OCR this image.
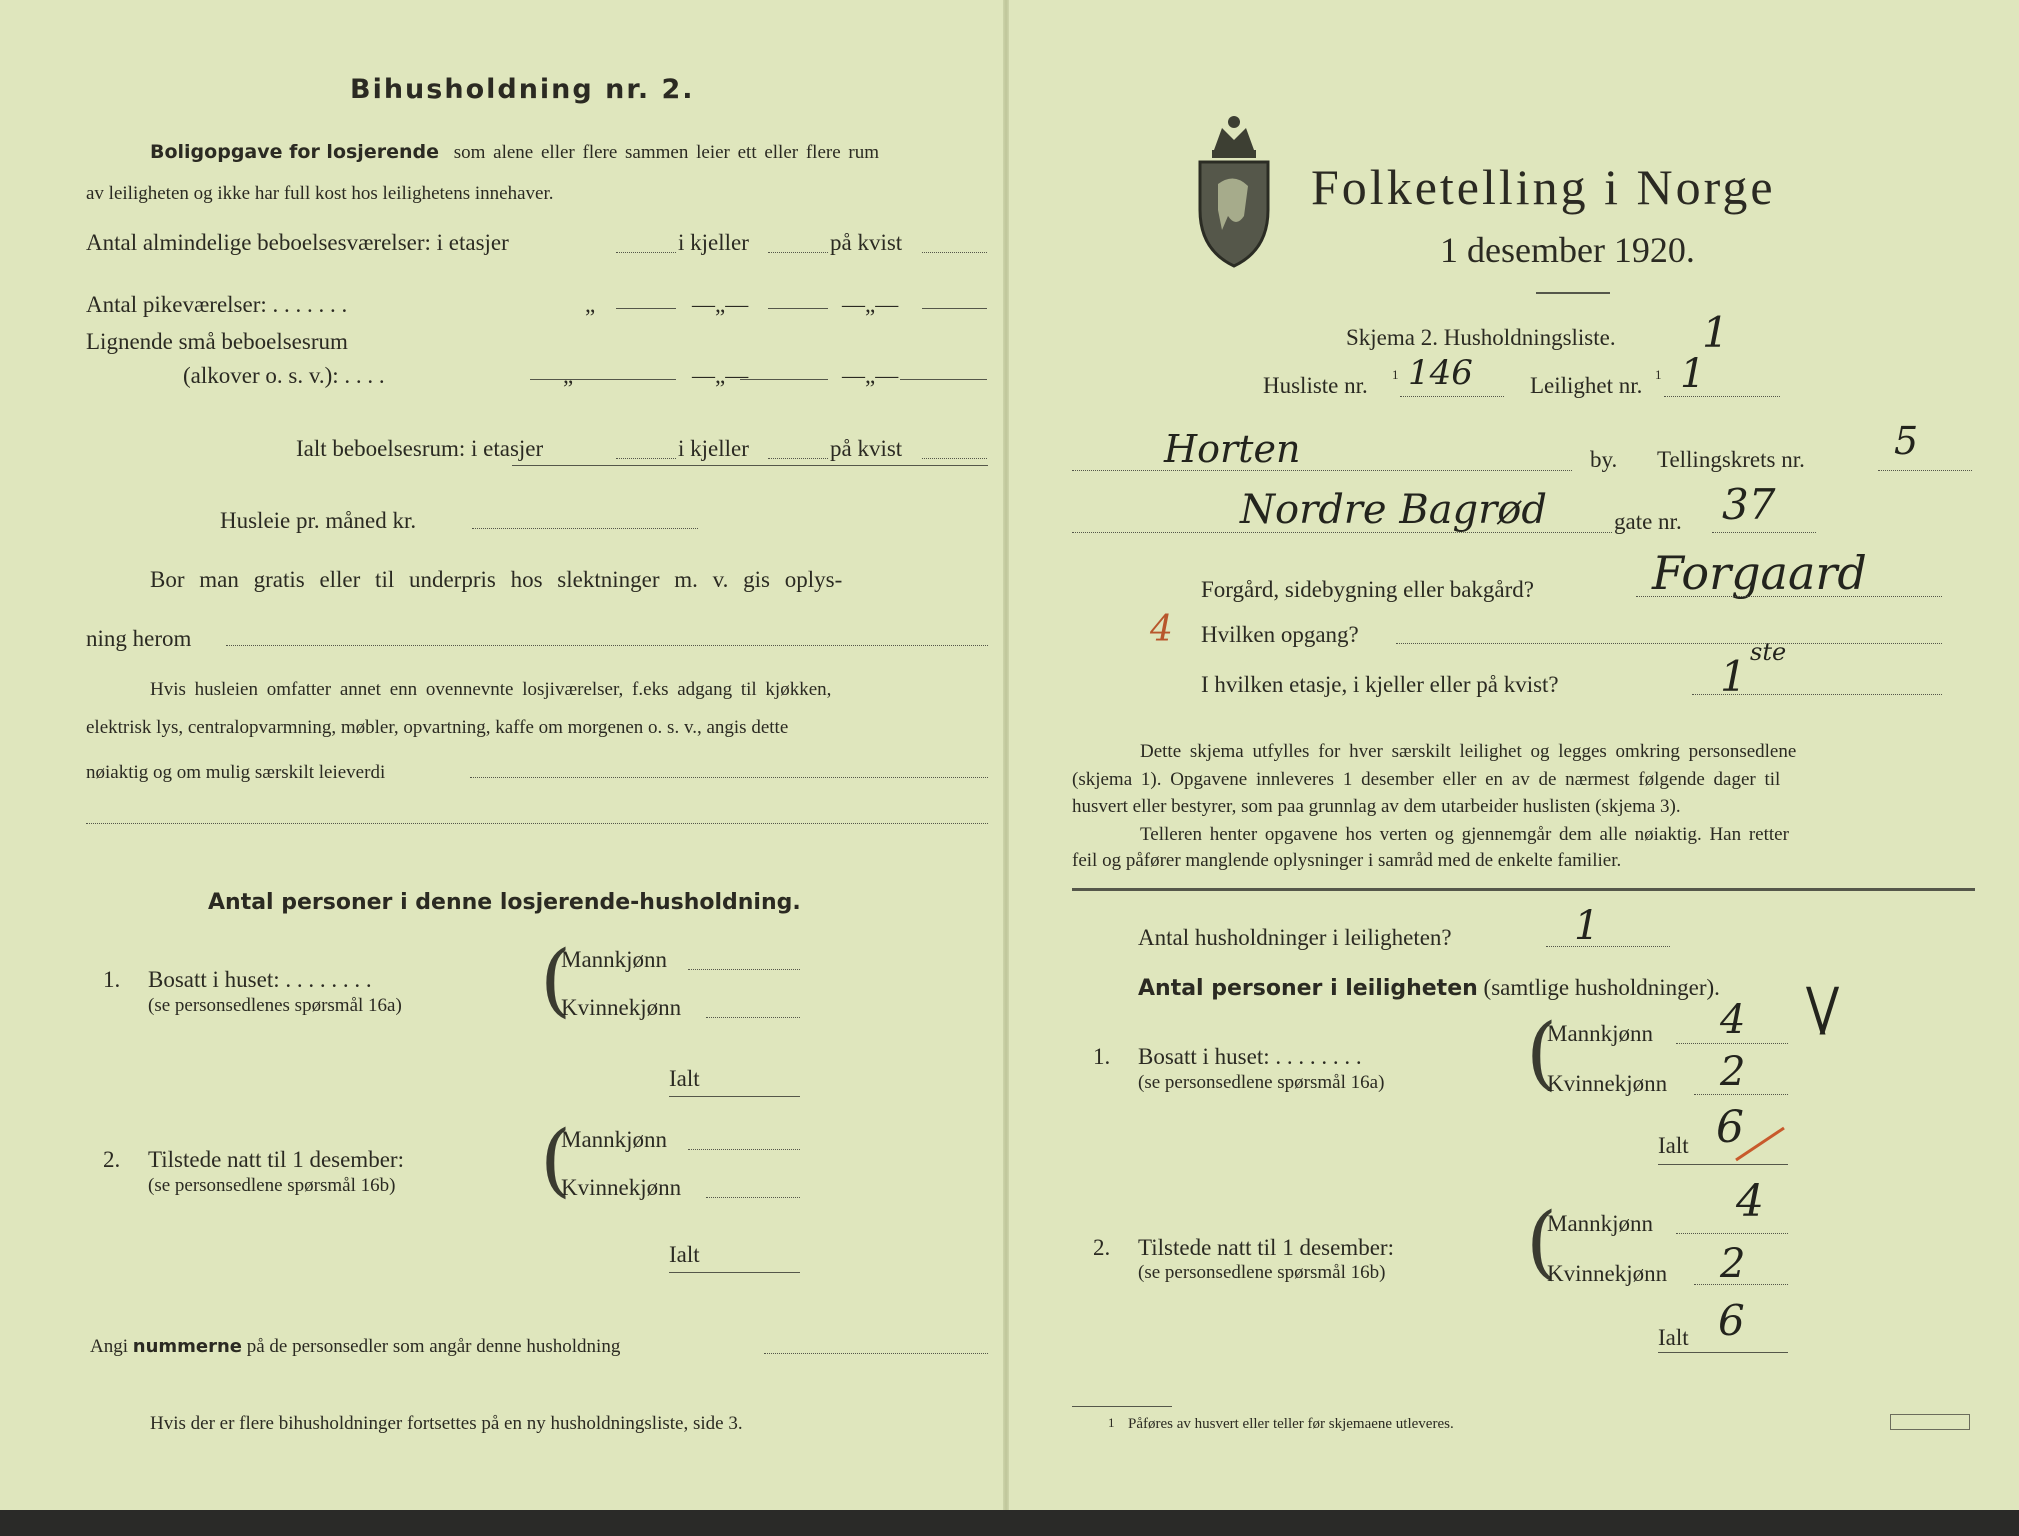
Bihusholdning nr. 2.
Boligopgave for losjerende som alene eller flere sammen leier ett eller flere rum
av leiligheten og ikke har full kost hos leilighetens innehaver.
Antal almindelige beboelsesværelser: i etasjer	i kjeller	på kvist
Antal pikeværelser: . . . . . . .	„	—„—	—„—
Lignende små beboelsesrum
(alkover o. s. v.): . . . .	„	—„—	—„—
Ialt beboelsesrum: i etasjer	i kjeller	på kvist
Husleie pr. måned kr.
Bor man gratis eller til underpris hos slektninger m. v. gis oplys-
ning herom
Hvis husleien omfatter annet enn ovennevnte losjiværelser, f.eks adgang til kjøkken,
elektrisk lys, centralopvarmning, møbler, opvartning, kaffe om morgenen o. s. v., angis dette
nøiaktig og om mulig særskilt leieverdi
Antal personer i denne losjerende-husholdning.
1. Bosatt i huset: . . . . . . . .
(se personsedlenes spørsmål 16a) (
Mannkjønn
Kvinnekjønn
Ialt
2. Tilstede natt til 1 desember:
(se personsedlene spørsmål 16b) (
Mannkjønn
Kvinnekjønn
Ialt
Angi nummerne på de personsedler som angår denne husholdning
Hvis der er flere bihusholdninger fortsettes på en ny husholdningsliste, side 3.
Folketelling i Norge
1 desember 1920.
Skjema 2. Husholdningsliste. 1
Husliste nr. 1 146 Leilighet nr. 1 1
Horten	by. Tellingskrets nr. 5
Nordre Bagrød	gate nr. 37
Forgård, sidebygning eller bakgård?	Forgaard
4 Hvilken opgang?
I hvilken etasje, i kjeller eller på kvist?	1 ste
Dette skjema utfylles for hver særskilt leilighet og legges omkring personsedlene
(skjema 1). Opgavene innleveres 1 desember eller en av de nærmest følgende dager til
husvert eller bestyrer, som paa grunnlag av dem utarbeider huslisten (skjema 3).
Telleren henter opgavene hos verten og gjennemgår dem alle nøiaktig. Han retter
feil og påfører manglende oplysninger i samråd med de enkelte familier.
Antal husholdninger i leiligheten?	1
Antal personer i leiligheten (samtlige husholdninger).
1. Bosatt i huset: . . . . . . . .
(se personsedlene spørsmål 16a) (
Mannkjønn 4
Kvinnekjønn 2
\/
Ialt 6
2. Tilstede natt til 1 desember:
(se personsedlene spørsmål 16b) (
Mannkjønn 4
Kvinnekjønn 2
Ialt 6
1 Påføres av husvert eller teller før skjemaene utleveres.
